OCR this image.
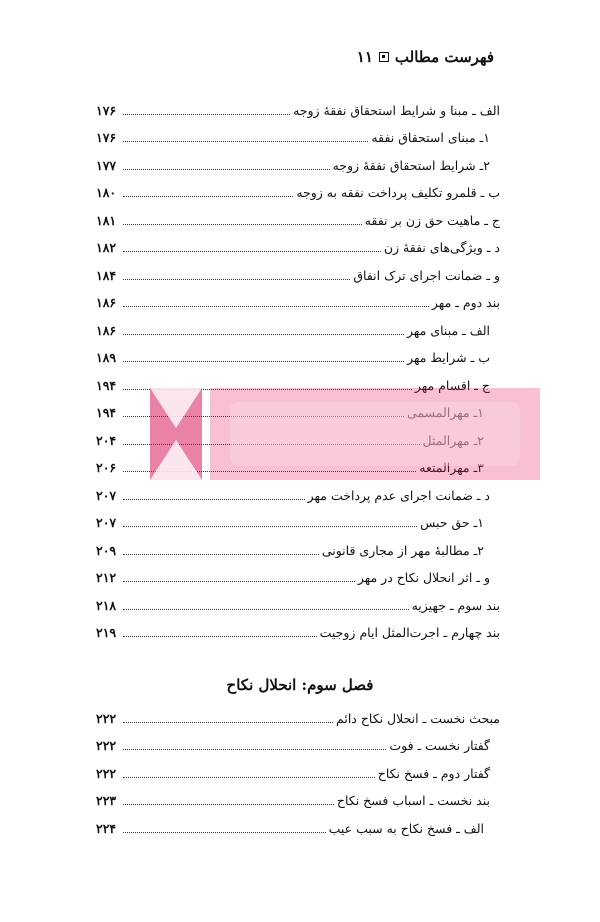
فهرست مطالب
۱۱
الف ـ مبنا و شرایط استحقاق نفقهٔ زوجه
۱۷۶
۱ـ مبنای استحقاق نفقه
۱۷۶
۲ـ شرایط استحقاق نفقهٔ زوجه
۱۷۷
ب ـ قلمرو تکلیف پرداخت نفقه به زوجه
۱۸۰
ج ـ ماهیت حق زن بر نفقه
۱۸۱
د ـ ویژگی‌های نفقهٔ زن
۱۸۲
و ـ ضمانت اجرای ترک انفاق
۱۸۴
بند دوم ـ مهر
۱۸۶
الف ـ مبنای مهر
۱۸۶
ب ـ شرایط مهر
۱۸۹
ج ـ اقسام مهر
۱۹۴
۱ـ مهرالمسمی
۱۹۴
۲ـ مهرالمثل
۲۰۴
۳ـ مهرالمتعه
۲۰۶
د ـ ضمانت اجرای عدم پرداخت مهر
۲۰۷
۱ـ حق حبس
۲۰۷
۲ـ مطالبهٔ مهر از مجاری قانونی
۲۰۹
و ـ اثر انحلال نکاح در مهر
۲۱۲
بند سوم ـ جهیزیه
۲۱۸
بند چهارم ـ اجرت‌المثل ایام زوجیت
۲۱۹
فصل سوم: انحلال نکاح
مبحث نخست ـ انحلال نکاح دائم
۲۲۲
گفتار نخست ـ فوت
۲۲۲
گفتار دوم ـ فسخ نکاح
۲۲۲
بند نخست ـ اسباب فسخ نکاح
۲۲۳
الف ـ فسخ نکاح به سبب عیب
۲۲۴
